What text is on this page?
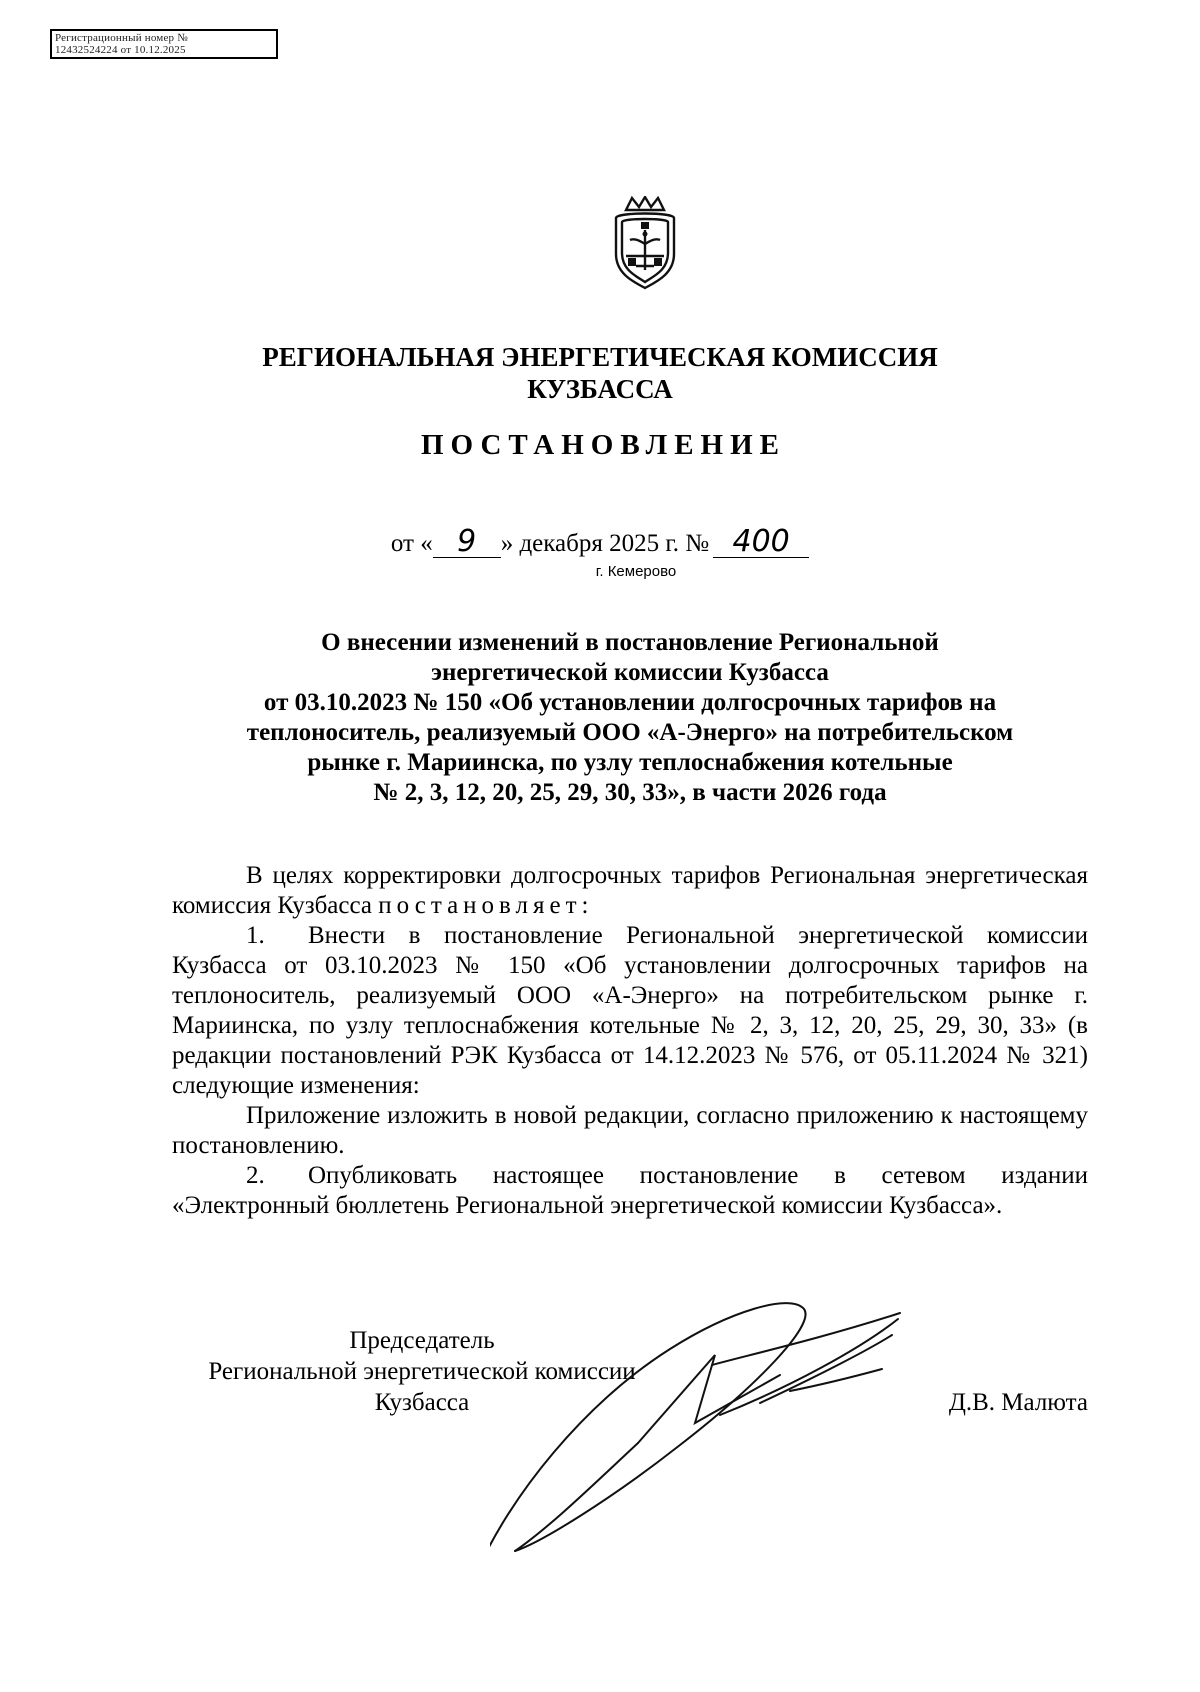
Регистрационный номер №
12432524224 от 10.12.2025
РЕГИОНАЛЬНАЯ ЭНЕРГЕТИЧЕСКАЯ КОМИССИЯ
КУЗБАССА
ПОСТАНОВЛЕНИЕ
от « 9 » декабря 2025 г. № 400
г. Кемерово
О внесении изменений в постановление Региональной
энергетической комиссии Кузбасса
от 03.10.2023 № 150 «Об установлении долгосрочных тарифов на
теплоноситель, реализуемый ООО «А-Энерго» на потребительском
рынке г. Мариинска, по узлу теплоснабжения котельные
№ 2, 3, 12, 20, 25, 29, 30, 33», в части 2026 года

В целях корректировки долгосрочных тарифов Региональная энергетическая комиссия Кузбасса постановляет:

1. Внести в постановление Региональной энергетической комиссии Кузбасса от 03.10.2023 № 150 «Об установлении долгосрочных тарифов на теплоноситель, реализуемый ООО «А-Энерго» на потребительском рынке г. Мариинска, по узлу теплоснабжения котельные № 2, 3, 12, 20, 25, 29, 30, 33» (в редакции постановлений РЭК Кузбасса от 14.12.2023 № 576, от 05.11.2024 № 321) следующие изменения:

Приложение изложить в новой редакции, согласно приложению к настоящему постановлению.

2. Опубликовать настоящее постановление в сетевом издании «Электронный бюллетень Региональной энергетической комиссии Кузбасса».

Председатель
Региональной энергетической комиссии
Кузбасса	Д.В. Малюта
